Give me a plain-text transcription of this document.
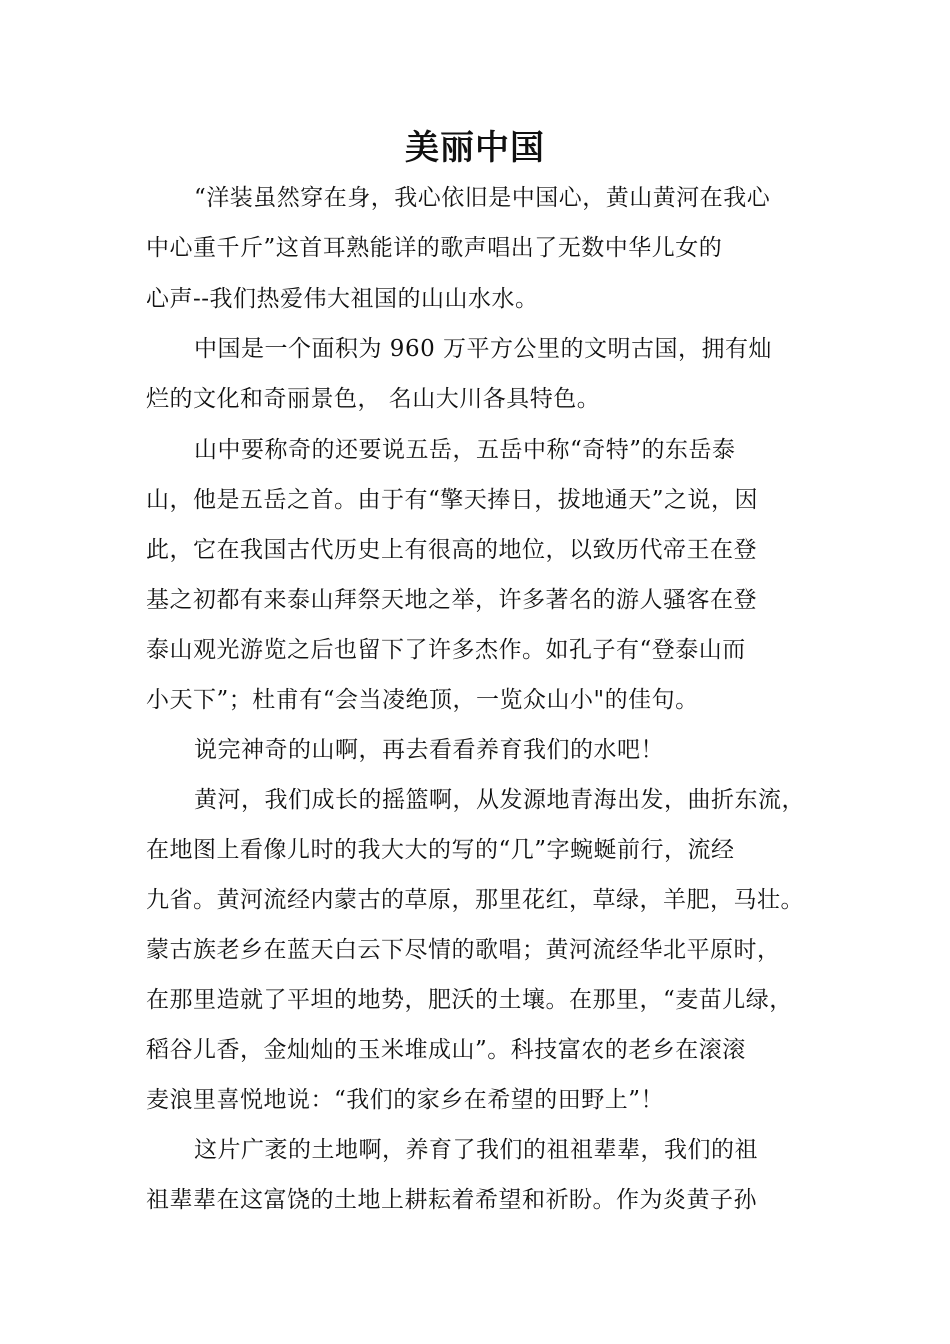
美丽中国
“洋装虽然穿在身，我心依旧是中国心，黄山黄河在我心
中心重千斤”这首耳熟能详的歌声唱出了无数中华儿女的
心声--我们热爱伟大祖国的山山水水。
中国是一个面积为 960 万平方公里的文明古国，拥有灿
烂的文化和奇丽景色， 名山大川各具特色。
山中要称奇的还要说五岳，五岳中称“奇特”的东岳泰
山，他是五岳之首。由于有“擎天捧日，拔地通天”之说，因
此，它在我国古代历史上有很高的地位，以致历代帝王在登
基之初都有来泰山拜祭天地之举，许多著名的游人骚客在登
泰山观光游览之后也留下了许多杰作。如孔子有“登泰山而
小天下”；杜甫有“会当凌绝顶，一览众山小"的佳句。
说完神奇的山啊，再去看看养育我们的水吧！
黄河，我们成长的摇篮啊，从发源地青海出发，曲折东流，
在地图上看像儿时的我大大的写的“几”字蜿蜒前行，流经
九省。黄河流经内蒙古的草原，那里花红，草绿，羊肥，马壮。
蒙古族老乡在蓝天白云下尽情的歌唱；黄河流经华北平原时，
在那里造就了平坦的地势，肥沃的土壤。在那里，“麦苗儿绿，
稻谷儿香，金灿灿的玉米堆成山”。科技富农的老乡在滚滚
麦浪里喜悦地说：“我们的家乡在希望的田野上”！
这片广袤的土地啊，养育了我们的祖祖辈辈，我们的祖
祖辈辈在这富饶的土地上耕耘着希望和祈盼。作为炎黄子孙
